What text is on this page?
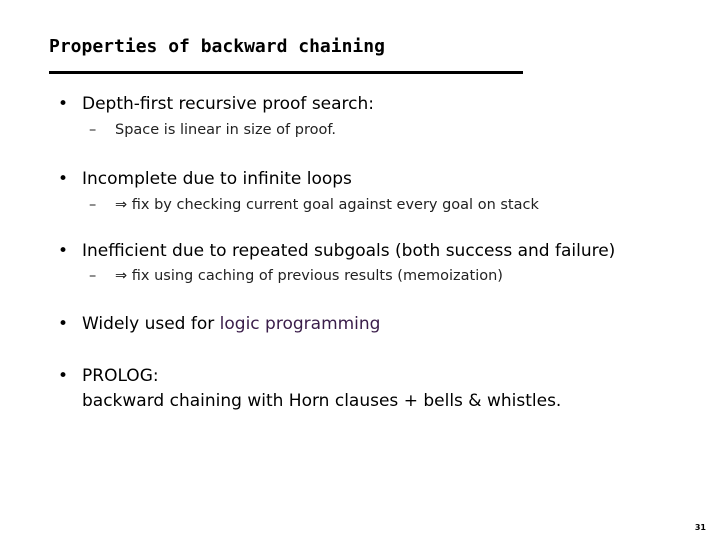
Properties of backward chaining
• Depth-first recursive proof search:
– Space is linear in size of proof.
• Incomplete due to infinite loops
– ⇒ fix by checking current goal against every goal on stack
• Inefficient due to repeated subgoals (both success and failure)
– ⇒ fix using caching of previous results (memoization)
• Widely used for logic programming
• PROLOG:
backward chaining with Horn clauses + bells & whistles.
31
